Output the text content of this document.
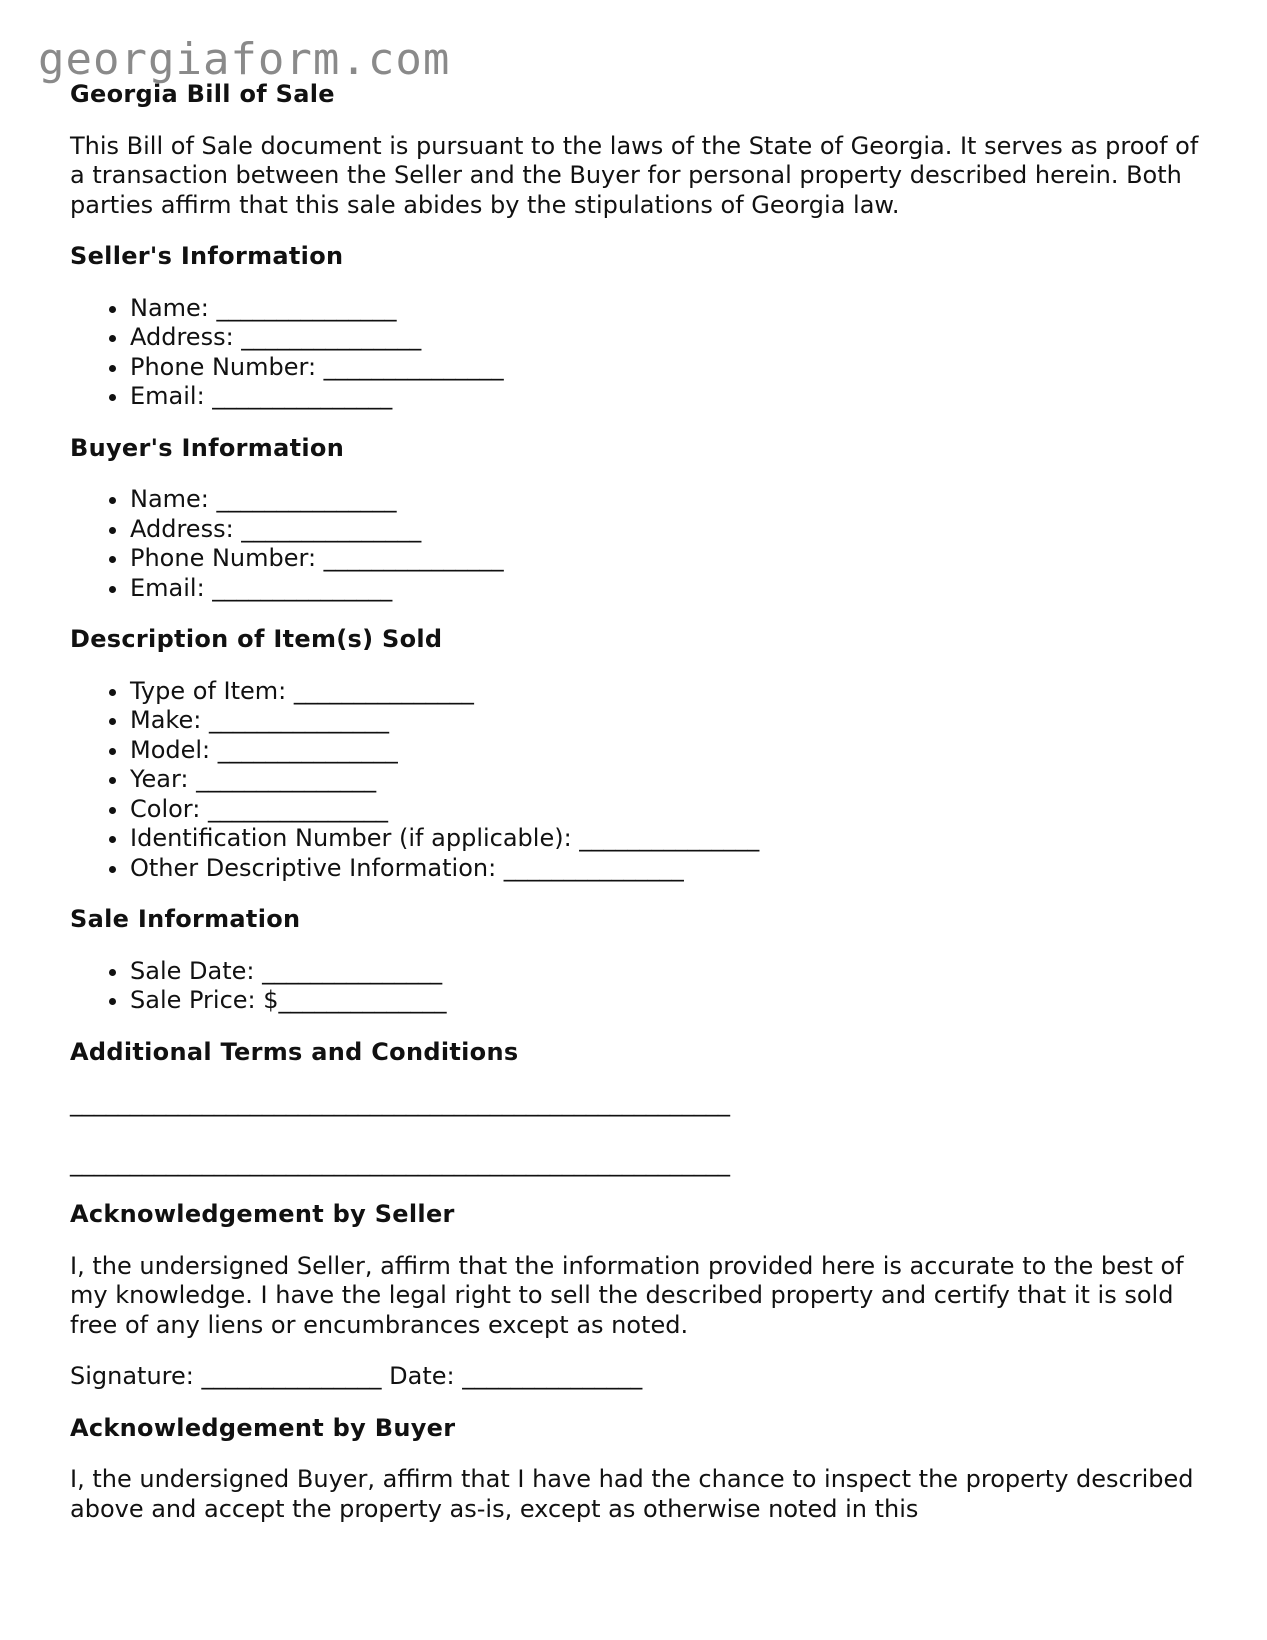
georgiaform.com
Georgia Bill of Sale

This Bill of Sale document is pursuant to the laws of the State of Georgia. It serves as proof of a transaction between the Seller and the Buyer for personal property described herein. Both parties affirm that this sale abides by the stipulations of Georgia law.

Seller's Information
• Name: _______________
• Address: _______________
• Phone Number: _______________
• Email: _______________
Buyer's Information
• Name: _______________
• Address: _______________
• Phone Number: _______________
• Email: _______________
Description of Item(s) Sold
• Type of Item: _______________
• Make: _______________
• Model: _______________
• Year: _______________
• Color: _______________
• Identification Number (if applicable): _______________
• Other Descriptive Information: _______________
Sale Information
• Sale Date: _______________
• Sale Price: $______________
Additional Terms and Conditions
_______________________________________________________
_______________________________________________________
Acknowledgement by Seller

I, the undersigned Seller, affirm that the information provided here is accurate to the best of my knowledge. I have the legal right to sell the described property and certify that it is sold free of any liens or encumbrances except as noted.

Signature: _______________ Date: _______________

Acknowledgement by Buyer

I, the undersigned Buyer, affirm that I have had the chance to inspect the property described above and accept the property as-is, except as otherwise noted in this
